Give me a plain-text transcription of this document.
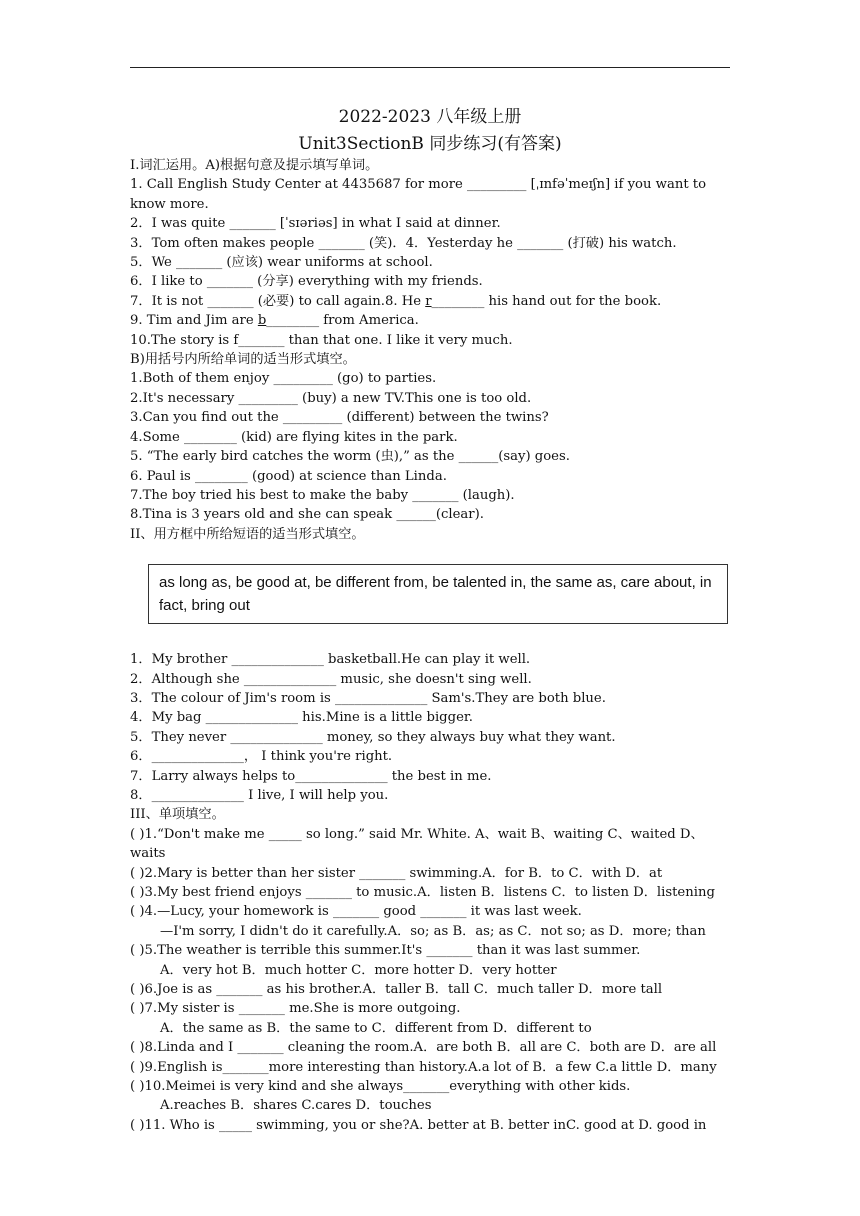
2022-2023 八年级上册
Unit3SectionB 同步练习(有答案)
I.词汇运用。A)根据句意及提示填写单词。
1. Call English Study Center at 4435687 for more _________ [ˌɪnfəˈmeɪʃn] if you want to know more.
2．I was quite _______ [ˈsɪəriəs] in what I said at dinner.
3．Tom often makes people _______ (笑)．4．Yesterday he _______ (打破) his watch.
5．We _______ (应该) wear uniforms at school.
6．I like to _______ (分享) everything with my friends.
7．It is not _______ (必要) to call again.8. He r________ his hand out for the book.
9. Tim and Jim are b________ from America.
10.The story is f_______ than that one. I like it very much.
B)用括号内所给单词的适当形式填空。
1.Both of them enjoy _________ (go) to parties.
2.It's necessary _________ (buy) a new TV.This one is too old.
3.Can you find out the _________ (different) between the twins?
4.Some ________ (kid) are flying kites in the park.
5. “The early bird catches the worm (虫),” as the ______(say) goes.
6. Paul is ________ (good) at science than Linda.
7.The boy tried his best to make the baby _______ (laugh).
8.Tina is 3 years old and she can speak ______(clear).
II、用方框中所给短语的适当形式填空。
as long as, be good at, be different from, be talented in, the same as, care about, in fact, bring out
1．My brother ______________ basketball.He can play it well.
2．Although she ______________ music, she doesn't sing well.
3．The colour of Jim's room is ______________ Sam's.They are both blue.
4．My bag ______________ his.Mine is a little bigger.
5．They never ______________ money, so they always buy what they want.
6．______________， I think you're right.
7．Larry always helps to______________ the best in me.
8．______________ I live, I will help you.
III、单项填空。
( )1.“Don't make me _____ so long.” said Mr. White. A、wait B、waiting C、waited D、waits
( )2.Mary is better than her sister _______ swimming.A．for B．to C．with D．at
( )3.My best friend enjoys _______ to music.A．listen B．listens C．to listen D．listening
( )4.—Lucy, your homework is _______ good _______ it was last week.
—I'm sorry, I didn't do it carefully.A．so; as B．as; as C．not so; as D．more; than
( )5.The weather is terrible this summer.It's _______ than it was last summer.
A．very hot B．much hotter C．more hotter D．very hotter
( )6.Joe is as _______ as his brother.A．taller B．tall C．much taller D．more tall
( )7.My sister is _______ me.She is more outgoing.
A．the same as B．the same to C．different from D．different to
( )8.Linda and I _______ cleaning the room.A．are both B．all are C．both are D．are all
( )9.English is_______more interesting than history.A.a lot of B．a few C.a little D．many
( )10.Meimei is very kind and she always_______everything with other kids.
A.reaches B．shares C.cares D．touches
( )11. Who is _____ swimming, you or she?A. better at B. better inC. good at D. good in
